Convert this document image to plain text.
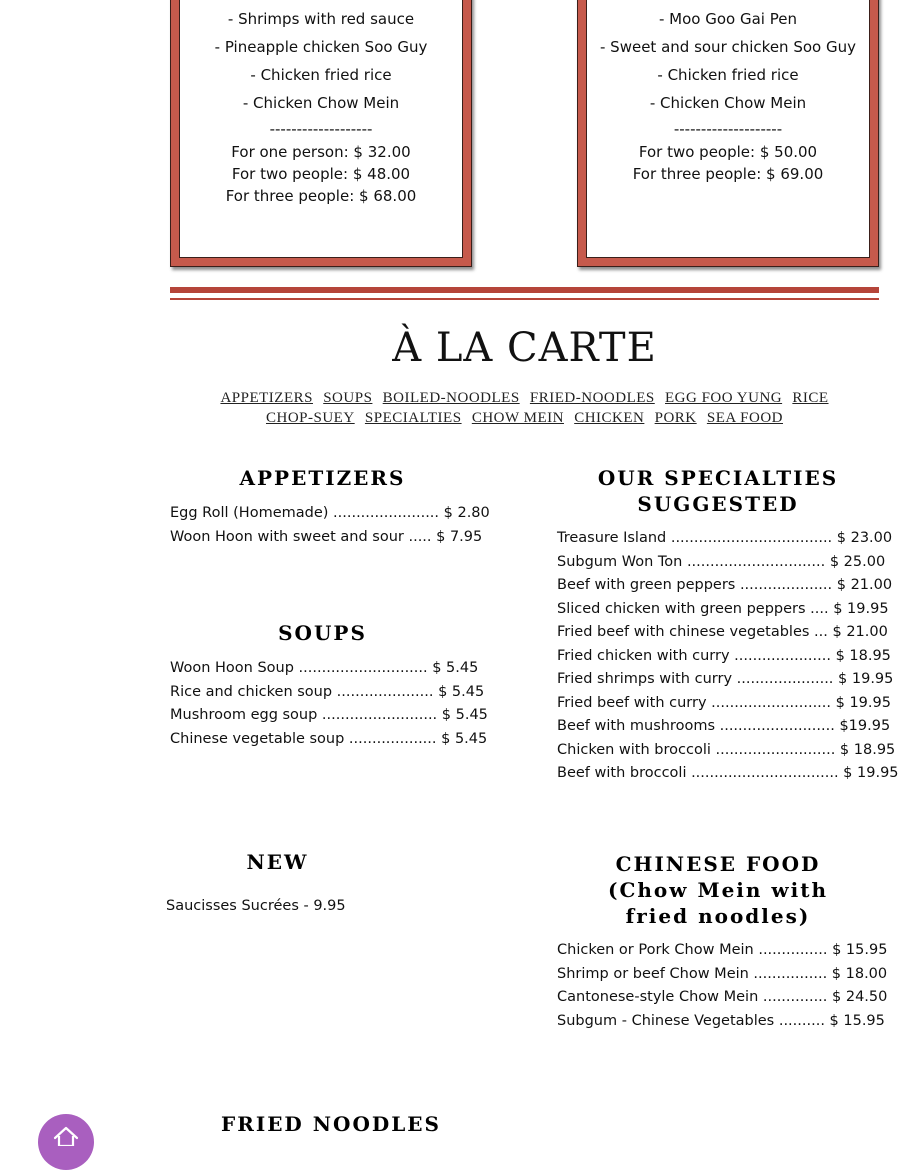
- Shrimps with red sauce
- Pineapple chicken Soo Guy
- Chicken fried rice
- Chicken Chow Mein
-------------------
For one person: $ 32.00
For two people: $ 48.00
For three people: $ 68.00
- Moo Goo Gai Pen
- Sweet and sour chicken Soo Guy
- Chicken fried rice
- Chicken Chow Mein
--------------------
For two people: $ 50.00
For three people: $ 69.00
À LA CARTE
APPETIZERS SOUPS BOILED-NOODLES FRIED-NOODLES EGG FOO YUNG RICE
CHOP-SUEY SPECIALTIES CHOW MEIN CHICKEN PORK SEA FOOD
APPETIZERS
Egg Roll (Homemade) ....................... $ 2.80
Woon Hoon with sweet and sour ..... $ 7.95
SOUPS
Woon Hoon Soup ............................ $ 5.45
Rice and chicken soup ..................... $ 5.45
Mushroom egg soup ......................... $ 5.45
Chinese vegetable soup ................... $ 5.45
NEW
Saucisses Sucrées - 9.95
OUR SPECIALTIES
SUGGESTED
Treasure Island ................................... $ 23.00
Subgum Won Ton .............................. $ 25.00
Beef with green peppers .................... $ 21.00
Sliced chicken with green peppers .... $ 19.95
Fried beef with chinese vegetables ... $ 21.00
Fried chicken with curry ..................... $ 18.95
Fried shrimps with curry ..................... $ 19.95
Fried beef with curry .......................... $ 19.95
Beef with mushrooms ......................... $19.95
Chicken with broccoli .......................... $ 18.95
Beef with broccoli ................................ $ 19.95
CHINESE FOOD
(Chow Mein with
fried noodles)
Chicken or Pork Chow Mein ............... $ 15.95
Shrimp or beef Chow Mein ................ $ 18.00
Cantonese-style Chow Mein .............. $ 24.50
Subgum - Chinese Vegetables .......... $ 15.95
FRIED NOODLES
